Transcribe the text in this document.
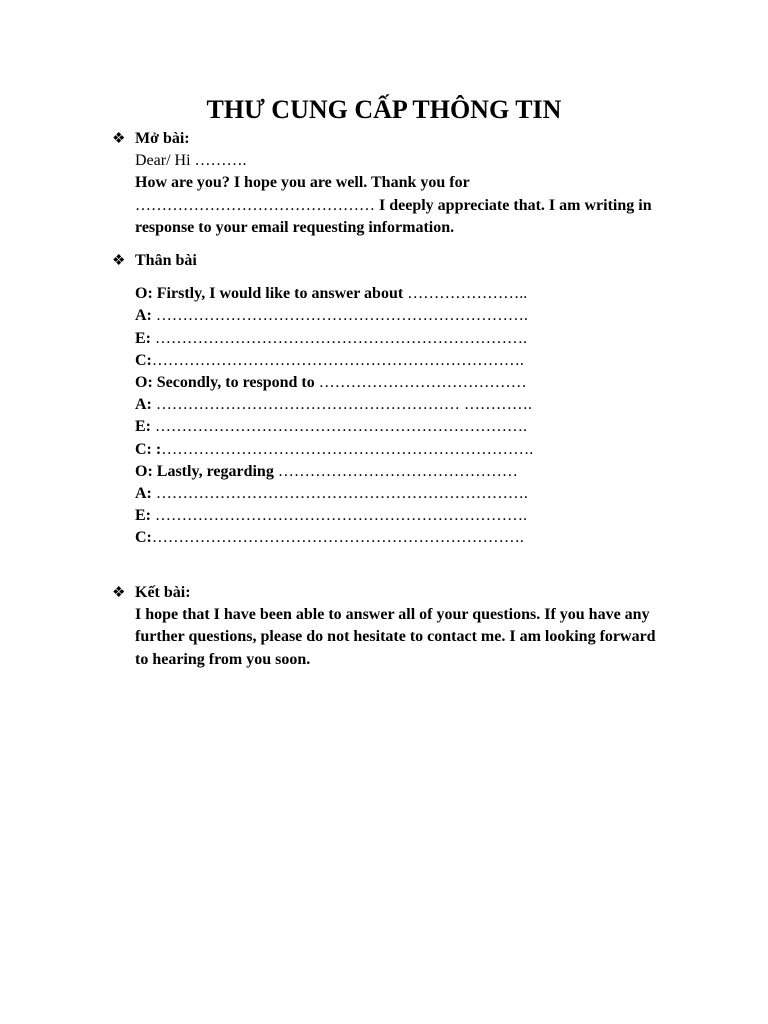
THƯ CUNG CẤP THÔNG TIN
❖ Mở bài:
Dear/ Hi ……….
How are you? I hope you are well. Thank you for
……………………………………… I deeply appreciate that. I am writing in response to your email requesting information.
❖ Thân bài
O: Firstly, I would like to answer about …………………..
A: …………………………………………………………….
E: …………………………………………………………….
C:…………………………………………………………….
O: Secondly, to respond to …………………………………
A: ………………………………………………… ………….
E: …………………………………………………………….
C: :…………………………………………………………….
O: Lastly, regarding ………………………………………
A: …………………………………………………………….
E: …………………………………………………………….
C:…………………………………………………………….
❖ Kết bài:
I hope that I have been able to answer all of your questions. If you have any further questions, please do not hesitate to contact me. I am looking forward to hearing from you soon.
